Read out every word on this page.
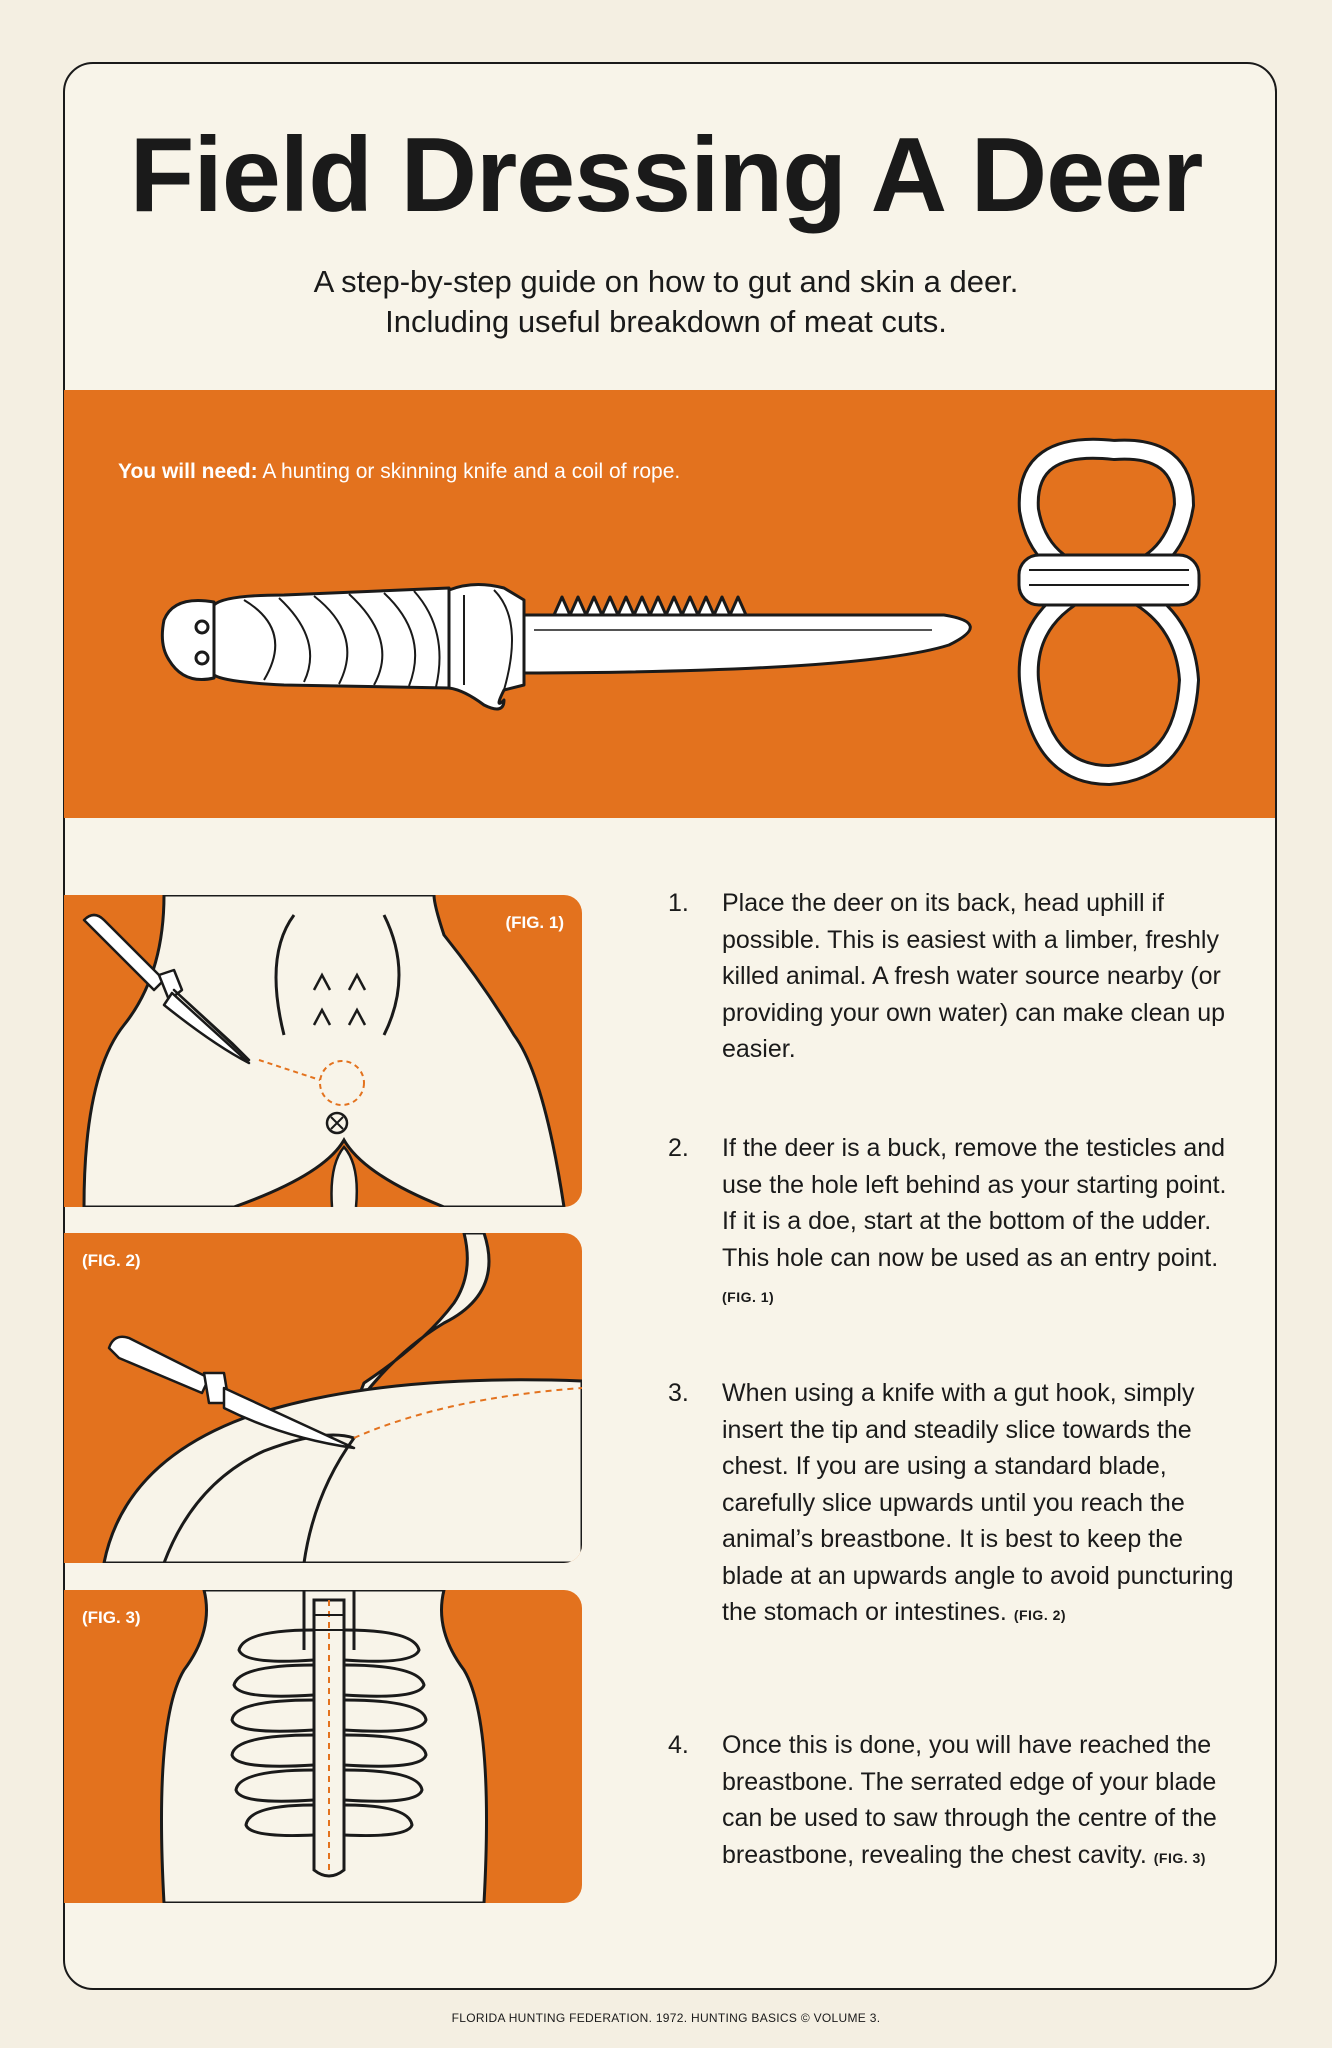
Field Dressing A Deer
A step-by-step guide on how to gut and skin a deer.
Including useful breakdown of meat cuts.
You will need: A hunting or skinning knife and a coil of rope.
(FIG. 1)
(FIG. 2)
(FIG. 3)
1.	Place the deer on its back, head uphill if possible. This is easiest with a limber, freshly killed animal. A fresh water source nearby (or providing your own water) can make clean up easier.
2.	If the deer is a buck, remove the testicles and use the hole left behind as your starting point. If it is a doe, start at the bottom of the udder. This hole can now be used as an entry point. (FIG. 1)
3.	When using a knife with a gut hook, simply insert the tip and steadily slice towards the chest. If you are using a standard blade, carefully slice upwards until you reach the animal’s breastbone. It is best to keep the blade at an upwards angle to avoid puncturing the stomach or intestines. (FIG. 2)
4.	Once this is done, you will have reached the breastbone. The serrated edge of your blade can be used to saw through the centre of the breastbone, revealing the chest cavity. (FIG. 3)
FLORIDA HUNTING FEDERATION. 1972. HUNTING BASICS © VOLUME 3.
